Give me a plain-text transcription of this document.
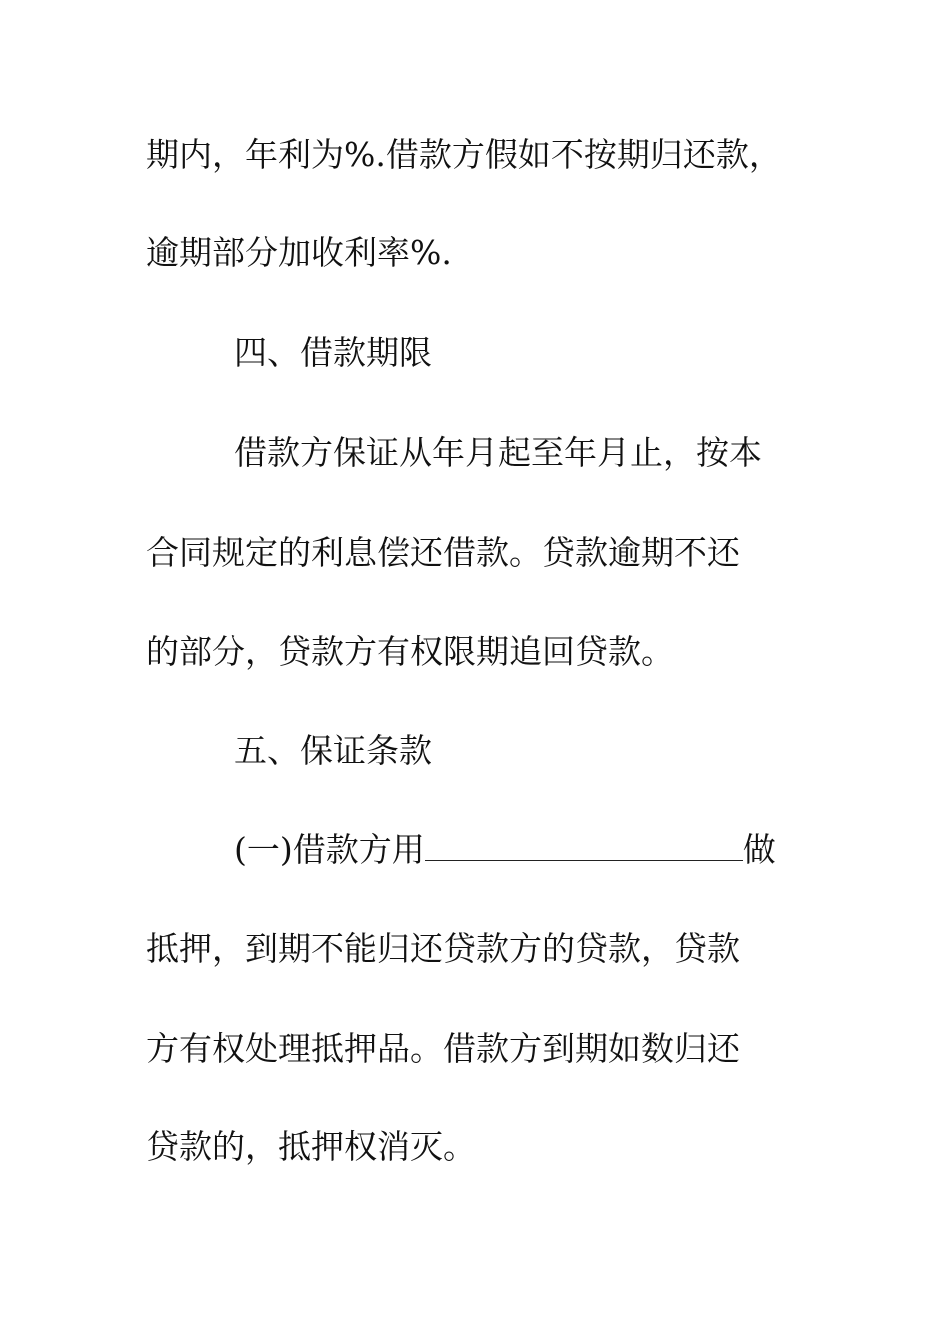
期内，年利为%.借款方假如不按期归还款，
逾期部分加收利率%.
四、借款期限
借款方保证从年月起至年月止，按本
合同规定的利息偿还借款。贷款逾期不还
的部分，贷款方有权限期追回贷款。
五、保证条款
(一)借款方用	做
抵押，到期不能归还贷款方的贷款，贷款
方有权处理抵押品。借款方到期如数归还
贷款的，抵押权消灭。
